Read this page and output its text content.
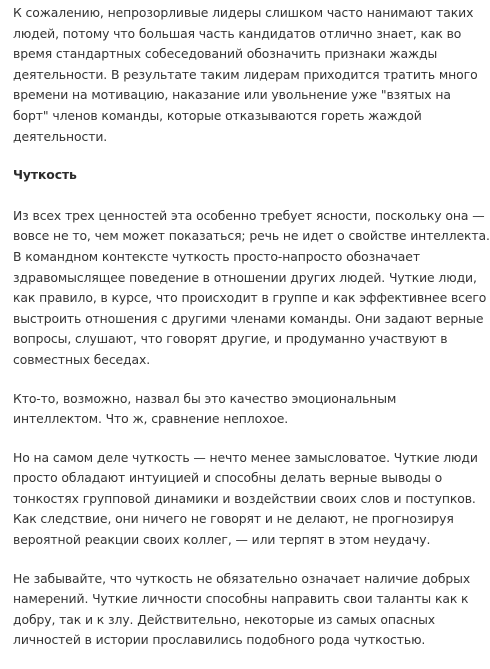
К сожалению, непрозорливые лидеры слишком часто нанимают таких
людей, потому что большая часть кандидатов отлично знает, как во
время стандартных собеседований обозначить признаки жажды
деятельности. В результате таким лидерам приходится тратить много
времени на мотивацию, наказание или увольнение уже "взятых на
борт" членов команды, которые отказываются гореть жаждой
деятельности.
Чуткость
Из всех трех ценностей эта особенно требует ясности, поскольку она —
вовсе не то, чем может показаться; речь не идет о свойстве интеллекта.
В командном контексте чуткость просто-напросто обозначает
здравомыслящее поведение в отношении других людей. Чуткие люди,
как правило, в курсе, что происходит в группе и как эффективнее всего
выстроить отношения с другими членами команды. Они задают верные
вопросы, слушают, что говорят другие, и продуманно участвуют в
совместных беседах.
Кто-то, возможно, назвал бы это качество эмоциональным
интеллектом. Что ж, сравнение неплохое.
Но на самом деле чуткость — нечто менее замысловатое. Чуткие люди
просто обладают интуицией и способны делать верные выводы о
тонкостях групповой динамики и воздействии своих слов и поступков.
Как следствие, они ничего не говорят и не делают, не прогнозируя
вероятной реакции своих коллег, — или терпят в этом неудачу.
Не забывайте, что чуткость не обязательно означает наличие добрых
намерений. Чуткие личности способны направить свои таланты как к
добру, так и к злу. Действительно, некоторые из самых опасных
личностей в истории прославились подобного рода чуткостью.
